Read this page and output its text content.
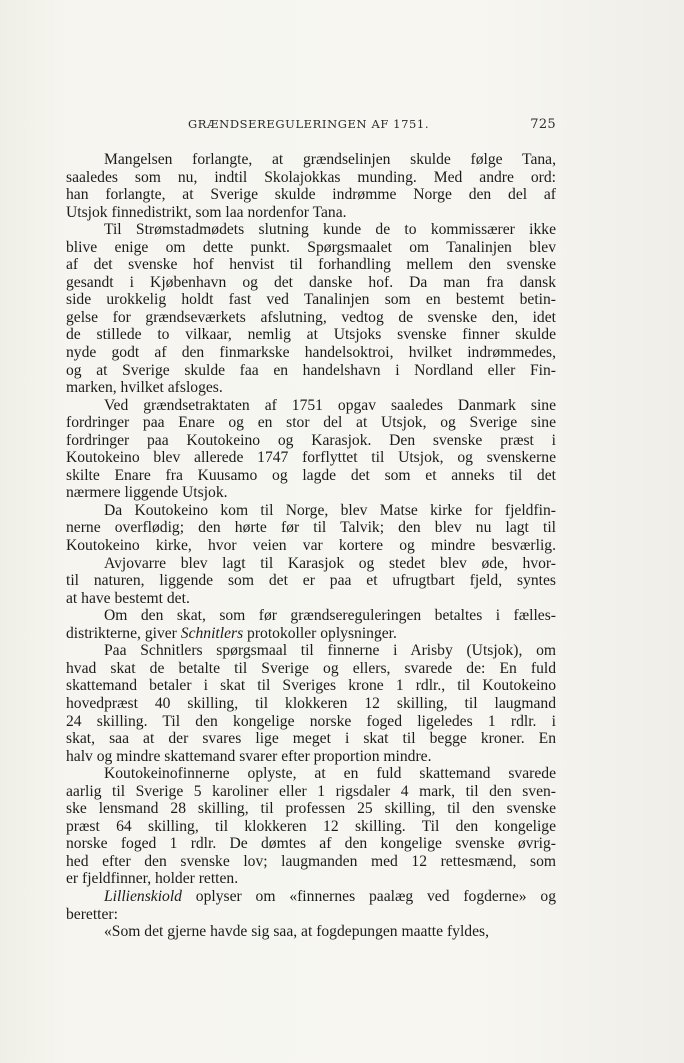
GRÆNDSEREGULERINGEN AF 1751.	725
Mangelsen forlangte, at grændselinjen skulde følge Tana,
saaledes som nu, indtil Skolajokkas munding. Med andre ord:
han forlangte, at Sverige skulde indrømme Norge den del af
Utsjok finnedistrikt, som laa nordenfor Tana.
Til Strømstadmødets slutning kunde de to kommissærer ikke
blive enige om dette punkt. Spørgsmaalet om Tanalinjen blev
af det svenske hof henvist til forhandling mellem den svenske
gesandt i Kjøbenhavn og det danske hof. Da man fra dansk
side urokkelig holdt fast ved Tanalinjen som en bestemt betin-
gelse for grændseværkets afslutning, vedtog de svenske den, idet
de stillede to vilkaar, nemlig at Utsjoks svenske finner skulde
nyde godt af den finmarkske handelsoktroi, hvilket indrømmedes,
og at Sverige skulde faa en handelshavn i Nordland eller Fin-
marken, hvilket afsloges.
Ved grændsetraktaten af 1751 opgav saaledes Danmark sine
fordringer paa Enare og en stor del at Utsjok, og Sverige sine
fordringer paa Koutokeino og Karasjok. Den svenske præst i
Koutokeino blev allerede 1747 forflyttet til Utsjok, og svenskerne
skilte Enare fra Kuusamo og lagde det som et anneks til det
nærmere liggende Utsjok.
Da Koutokeino kom til Norge, blev Matse kirke for fjeldfin-
nerne overflødig; den hørte før til Talvik; den blev nu lagt til
Koutokeino kirke, hvor veien var kortere og mindre besværlig.
Avjovarre blev lagt til Karasjok og stedet blev øde, hvor-
til naturen, liggende som det er paa et ufrugtbart fjeld, syntes
at have bestemt det.
Om den skat, som før grændsereguleringen betaltes i fælles-
distrikterne, giver Schnitlers protokoller oplysninger.
Paa Schnitlers spørgsmaal til finnerne i Arisby (Utsjok), om
hvad skat de betalte til Sverige og ellers, svarede de: En fuld
skattemand betaler i skat til Sveriges krone 1 rdlr., til Koutokeino
hovedpræst 40 skilling, til klokkeren 12 skilling, til laugmand
24 skilling. Til den kongelige norske foged ligeledes 1 rdlr. i
skat, saa at der svares lige meget i skat til begge kroner. En
halv og mindre skattemand svarer efter proportion mindre.
Koutokeinofinnerne oplyste, at en fuld skattemand svarede
aarlig til Sverige 5 karoliner eller 1 rigsdaler 4 mark, til den sven-
ske lensmand 28 skilling, til professen 25 skilling, til den svenske
præst 64 skilling, til klokkeren 12 skilling. Til den kongelige
norske foged 1 rdlr. De dømtes af den kongelige svenske øvrig-
hed efter den svenske lov; laugmanden med 12 rettesmænd, som
er fjeldfinner, holder retten.
Lillienskiold oplyser om «finnernes paalæg ved fogderne» og
beretter:
«Som det gjerne havde sig saa, at fogdepungen maatte fyldes,
